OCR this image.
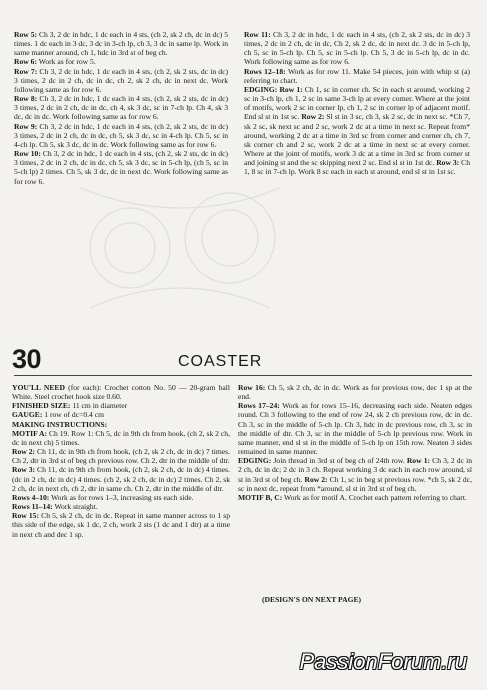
Row 5: Ch 3, 2 dc in hdc, 1 dc each in 4 sts, (ch 2, sk 2 ch, dc in dc) 5 times. 1 dc each in 3 dc, 3 dc in 3-ch lp, ch 3, 3 dc in same lp. Work in same manner around, ch 1, hdc in 3rd st of beg ch.

Row 6: Work as for row 5.

Row 7: Ch 3, 2 dc in hdc, 1 dc each in 4 sts, (ch 2, sk 2 sts, dc in dc) 3 times, 2 dc in 2 ch, dc in dc, ch 2, sk 2 ch, dc in next dc. Work following same as for row 6.

Row 8: Ch 3, 2 dc in hdc, 1 dc each in 4 sts, (ch 2, sk 2 sts, dc in dc) 3 times, 2 dc in 2 ch, dc in dc, ch 4, sk 3 dc, sc in 7-ch lp. Ch 4, sk 3 dc, dc in dc. Work following same as for row 6.

Row 9: Ch 3, 2 dc in hdc, 1 dc each in 4 sts, (ch 2, sk 2 sts, dc in dc) 3 times, 2 dc in 2 ch, dc in dc, ch 5, sk 3 dc, sc in 4-ch lp. Ch 5, sc in 4-ch lp. Ch 5, sk 3 dc, dc in dc. Work following same as for row 6.

Row 10: Ch 3, 2 dc in hdc, 1 dc each in 4 sts, (ch 2, sk 2 sts, dc in dc) 3 times, 2 dc in 2 ch, dc in dc, ch 5, sk 3 dc, sc in 5-ch lp, (ch 5, sc in 5-ch lp) 2 times. Ch 5, sk 3 dc, dc in next dc. Work following same as for row 6.

Row 11: Ch 3, 2 dc in hdc, 1 dc each in 4 sts, (ch 2, sk 2 sts, dc in dc) 3 times, 2 dc in 2 ch, dc in dc, Ch 2, sk 2 dc, dc in next dc. 3 dc in 5-ch lp, ch 5, sc in 5-ch lp. Ch 5, sc in 5-ch lp. Ch 5, 3 dc in 5-ch lp, dc in dc. Work following same as for row 6.

Rows 12–18: Work as for row 11. Make 54 pieces, join with whip st (a) referring to chart.

EDGING: Row 1: Ch 1, sc in corner ch. Sc in each st around, working 2 sc in 3-ch lp, ch 1, 2 sc in same 3-ch lp at every corner. Where at the joint of motifs, work 2 sc in corner lp, ch 1, 2 sc in corner lp of adjacent motif. End sl st in 1st sc. Row 2: Sl st in 3 sc, ch 3, sk 2 sc, dc in next sc. *Ch 7, sk 2 sc, sk next sc and 2 sc, work 2 dc at a time in next sc. Repeat from* around, working 2 dc at a time in 3rd sc from corner and corner ch, ch 7, sk corner ch and 2 sc, work 2 dc at a time in next sc at every corner. Where at the joint of motifs, work 3 dc at a time in 3rd sc from corner st and joining st and the sc skipping next 2 sc. End sl st in 1st dc. Row 3: Ch 1, 8 sc in 7-ch lp. Work 8 sc each in each st around, end sl st in 1st sc.

30	COASTER

YOU'LL NEED (for each): Crochet cotton No. 50 — 20-gram ball White. Steel crochet hook size 0.60.

FINISHED SIZE: 11 cm in diameter

GAUGE: 1 row of dc=0.4 cm

MAKING INSTRUCTIONS:

MOTIF A: Ch 19. Row 1: Ch 5, dc in 9th ch from hook, (ch 2, sk 2 ch, dc in next ch) 5 times.

Row 2: Ch 11, dc in 9th ch from hook, (ch 2, sk 2 ch, dc in dc) 7 times. Ch 2, dtr in 3rd st of beg ch previous row. Ch 2, dtr in the middle of dtr.

Row 3: Ch 11, dc in 9th ch from hook, (ch 2, sk 2 ch, dc in dc) 4 times. (dc in 2 ch, dc in dc) 4 times. (ch 2, sk 2 ch, dc in dc) 2 times. Ch 2, sk 2 ch, dc in next ch, ch 2, dtr in same ch. Ch 2, dtr in the middle of dtr.

Rows 4–10: Work as for rows 1–3, increasing sts each side.

Rows 11–14: Work straight.

Row 15: Ch 5, sk 2 ch, dc in dc. Repeat in same manner across to 1 sp this side of the edge, sk 1 dc, 2 ch, work 2 sts (1 dc and 1 dtr) at a time in next ch and dec 1 sp.

Row 16: Ch 5, sk 2 ch, dc in dc. Work as for previous row, dec 1 sp at the end.

Rows 17–24: Work as for rows 15–16, decreasing each side. Neaten edges round. Ch 3 following to the end of row 24, sk 2 ch previous row, dc in dc. Ch 3, sc in the middle of 5-ch lp. Ch 3, hdc in dc previous row, ch 3, sc in the middle of dtr. Ch 3, sc in the middle of 5-ch lp previous row. Work in same manner, end sl st in the middle of 5-ch lp on 15th row. Neaten 3 sides remained in same manner.

EDGING: Join thread in 3rd st of beg ch of 24th row. Row 1: Ch 3, 2 dc in 2 ch, dc in dc; 2 dc in 3 ch. Repeat working 3 dc each in each row around, sl st in 3rd st of beg ch. Row 2: Ch 1, sc in beg st previous row. *ch 5, sk 2 dc, sc in next dc, repeat from *around, sl st in 3rd st of beg ch.

MOTIF B, C: Work as for motif A. Crochet each pattern referring to chart.

(DESIGN'S ON NEXT PAGE)
PassionForum.ru
